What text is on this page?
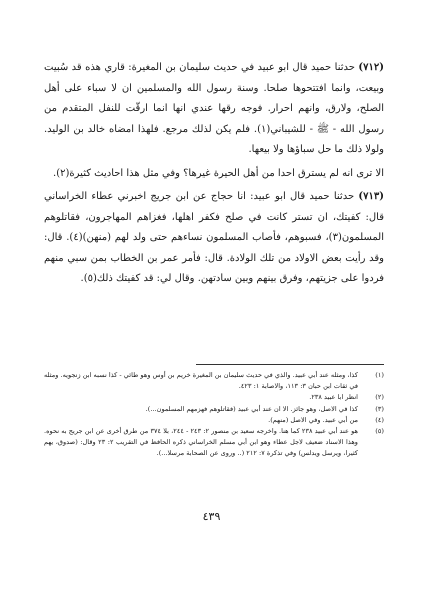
(٧١٢) حدثنا حميد قال ابو عبيد في حديث سليمان بن المغيرة: قاري هذه قد سُبيت وبيعت، وانما افتتحوها صلحا. وسنة رسول الله والمسلمين ان لا سباء على أهل الصلح، ولارق، وانهم احرار. فوجه رقها عندي انها انما ارقّت للنفل المتقدم من رسول الله - ﷺ - للشيباني(١). فلم يكن لذلك مرجع. فلهذا امضاه خالد بن الوليد. ولولا ذلك ما حل سباؤها ولا بيعها.

الا ترى انه لم يسترق احدا من أهل الحيرة غيرها؟ وفي مثل هذا احاديث كثيرة(٢).

(٧١٣) حدثنا حميد قال ابو عبيد: انا حجاج عن ابن جريج اخبرني عطاء الخراساني قال: كفيتك، ان تستر كانت في صلح فكفر اهلها، فغزاهم المهاجرون، فقاتلوهم المسلمون(٣)، فسبوهم، فأصاب المسلمون نساءهم حتى ولد لهم (منهن)(٤). قال: وقد رأيت بعض الاولاد من تلك الولادة. قال: فأمر عمر بن الخطاب بمن سبي منهم فردوا على جزيتهم، وفرق بينهم وبين سادتهن. وقال لي: قد كفيتك ذلك(٥).

(١)
كذا، ومثله عند أبي عبيد. والذي في حديث سليمان بن المغيرة خريم بن أوس وهو طائي - كذا نسبه ابن زنجويه. ومثله في ثقات ابن حبان ٣: ١١٣، والاصابة ١: ٤٢٣.
(٢)
انظر ابا عبيد ٢٣٨.
(٣)
كذا في الاصل، وهو جائز. الا ان عند أبي عبيد (فقاتلوهم فهزمهم المسلمون...).
(٤)
من أبي عبيد. وفي الاصل (منهم).
(٥)
هو عند أبي عبيد ٢٣٨ كما هنا. واخرجه سعيد بن منصور ٢: ٢٤٣ - ٢٤٤، بلا ٣٧٤ من طرق أخرى عن ابن جريج به نحوه. وهذا الاسناد ضعيف لاجل عطاء وهو ابن أبي مسلم الخراساني ذكره الحافظ في التقريب ٢: ٢٣ وقال: (صدوق، يهم كثيرا، ويرسل ويدلس) وفي تذكرة ٧: ٢١٢ (.. وروى عن الصحابة مرسلا...).
٤٣٩
